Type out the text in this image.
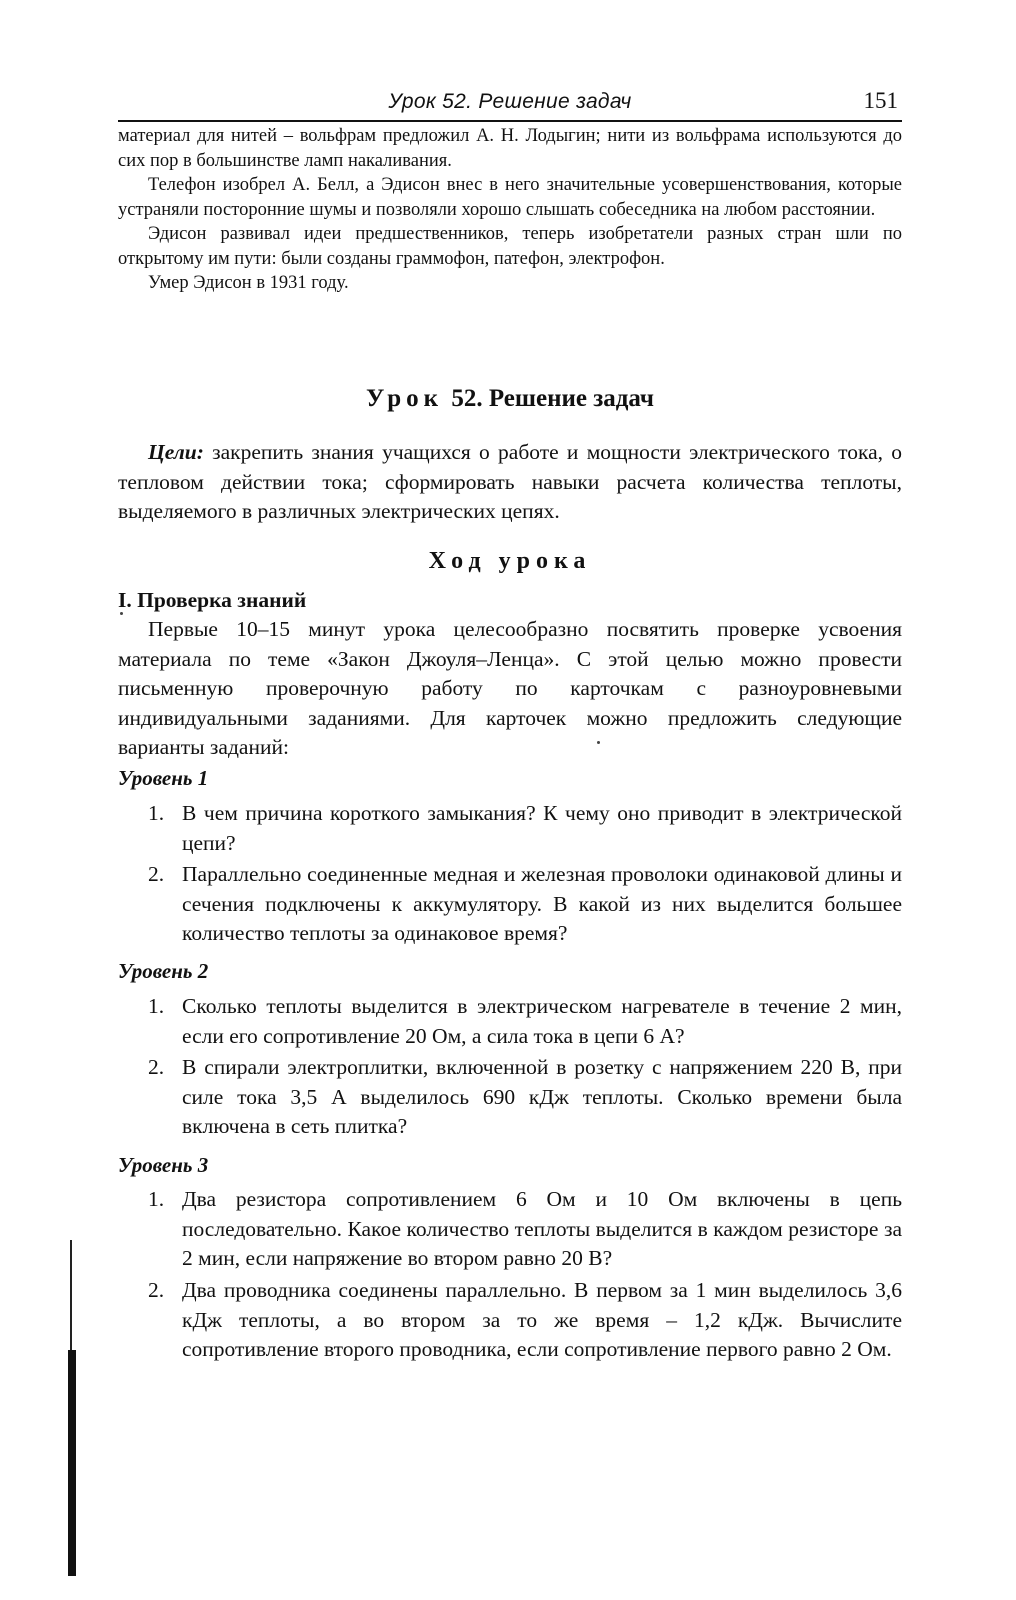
Урок 52. Решение задач	151

материал для нитей – вольфрам предложил А. Н. Лодыгин; нити из вольфрама используются до сих пор в большинстве ламп накаливания.

Телефон изобрел А. Белл, а Эдисон внес в него значительные усовершенствования, которые устраняли посторонние шумы и позволяли хорошо слышать собеседника на любом расстоянии.

Эдисон развивал идеи предшественников, теперь изобретатели разных стран шли по открытому им пути: были созданы граммофон, патефон, электрофон.

Умер Эдисон в 1931 году.

Урок 52. Решение задач

Цели: закрепить знания учащихся о работе и мощности электрического тока, о тепловом действии тока; сформировать навыки расчета количества теплоты, выделяемого в различных электрических цепях.

Ход урока
I. Проверка знаний

Первые 10–15 минут урока целесообразно посвятить проверке усвоения материала по теме «Закон Джоуля–Ленца». С этой целью можно провести письменную проверочную работу по карточкам с разноуровневыми индивидуальными заданиями. Для карточек можно предложить следующие варианты заданий:

Уровень 1
1. В чем причина короткого замыкания? К чему оно приводит в электрической цепи?
2. Параллельно соединенные медная и железная проволоки одинаковой длины и сечения подключены к аккумулятору. В какой из них выделится большее количество теплоты за одинаковое время?
Уровень 2
1. Сколько теплоты выделится в электрическом нагревателе в течение 2 мин, если его сопротивление 20 Ом, а сила тока в цепи 6 А?
2. В спирали электроплитки, включенной в розетку с напряжением 220 В, при силе тока 3,5 А выделилось 690 кДж теплоты. Сколько времени была включена в сеть плитка?
Уровень 3
1. Два резистора сопротивлением 6 Ом и 10 Ом включены в цепь последовательно. Какое количество теплоты выделится в каждом резисторе за 2 мин, если напряжение во втором равно 20 В?
2. Два проводника соединены параллельно. В первом за 1 мин выделилось 3,6 кДж теплоты, а во втором за то же время – 1,2 кДж. Вычислите сопротивление второго проводника, если сопротивление первого равно 2 Ом.
